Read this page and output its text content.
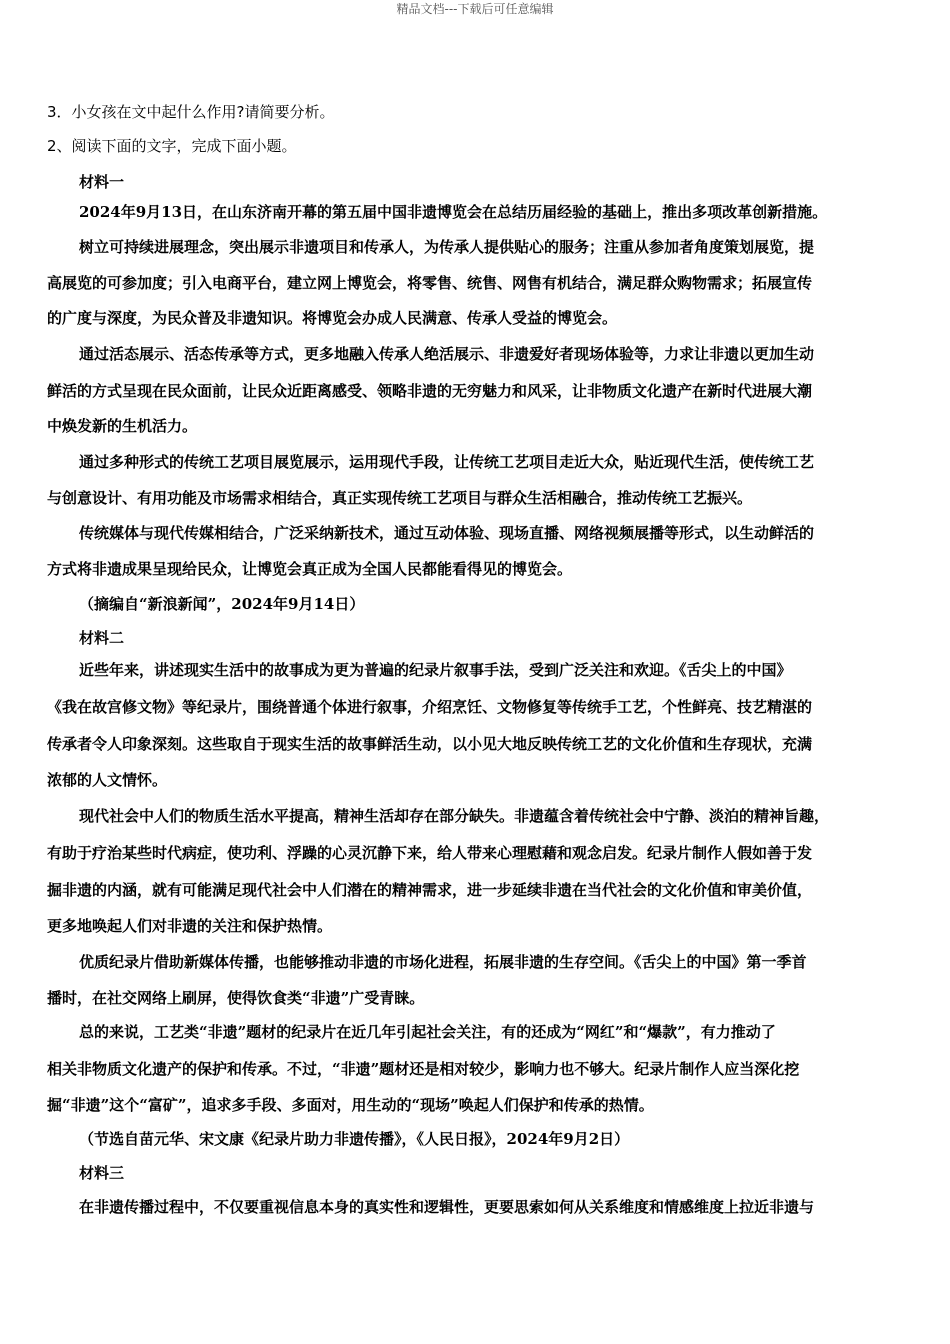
精品文档---下载后可任意编辑
3．小女孩在文中起什么作用?请简要分析。
2、阅读下面的文字，完成下面小题。
材料一
2024年9月13日，在山东济南开幕的第五届中国非遗博览会在总结历届经验的基础上，推出多项改革创新措施。
树立可持续进展理念，突出展示非遗项目和传承人，为传承人提供贴心的服务；注重从参加者角度策划展览，提
高展览的可参加度；引入电商平台，建立网上博览会，将零售、统售、网售有机结合，满足群众购物需求；拓展宣传
的广度与深度，为民众普及非遗知识。将博览会办成人民满意、传承人受益的博览会。
通过活态展示、活态传承等方式，更多地融入传承人绝活展示、非遗爱好者现场体验等，力求让非遗以更加生动
鲜活的方式呈现在民众面前，让民众近距离感受、领略非遗的无穷魅力和风采，让非物质文化遗产在新时代进展大潮
中焕发新的生机活力。
通过多种形式的传统工艺项目展览展示，运用现代手段，让传统工艺项目走近大众，贴近现代生活，使传统工艺
与创意设计、有用功能及市场需求相结合，真正实现传统工艺项目与群众生活相融合，推动传统工艺振兴。
传统媒体与现代传媒相结合，广泛采纳新技术，通过互动体验、现场直播、网络视频展播等形式，以生动鲜活的
方式将非遗成果呈现给民众，让博览会真正成为全国人民都能看得见的博览会。
（摘编自“新浪新闻”，2024年9月14日）
材料二
近些年来，讲述现实生活中的故事成为更为普遍的纪录片叙事手法，受到广泛关注和欢迎。《舌尖上的中国》
《我在故宫修文物》等纪录片，围绕普通个体进行叙事，介绍烹饪、文物修复等传统手工艺，个性鲜亮、技艺精湛的
传承者令人印象深刻。这些取自于现实生活的故事鲜活生动，以小见大地反映传统工艺的文化价值和生存现状，充满
浓郁的人文情怀。
现代社会中人们的物质生活水平提高，精神生活却存在部分缺失。非遗蕴含着传统社会中宁静、淡泊的精神旨趣，
有助于疗治某些时代病症，使功利、浮躁的心灵沉静下来，给人带来心理慰藉和观念启发。纪录片制作人假如善于发
掘非遗的内涵，就有可能满足现代社会中人们潜在的精神需求，进一步延续非遗在当代社会的文化价值和审美价值，
更多地唤起人们对非遗的关注和保护热情。
优质纪录片借助新媒体传播，也能够推动非遗的市场化进程，拓展非遗的生存空间。《舌尖上的中国》第一季首
播时，在社交网络上刷屏，使得饮食类“非遗”广受青睐。
总的来说，工艺类“非遗”题材的纪录片在近几年引起社会关注，有的还成为“网红”和“爆款”，有力推动了
相关非物质文化遗产的保护和传承。不过，“非遗”题材还是相对较少，影响力也不够大。纪录片制作人应当深化挖
掘“非遗”这个“富矿”，追求多手段、多面对，用生动的“现场”唤起人们保护和传承的热情。
（节选自苗元华、宋文康《纪录片助力非遗传播》，《人民日报》，2024年9月2日）
材料三
在非遗传播过程中，不仅要重视信息本身的真实性和逻辑性，更要思索如何从关系维度和情感维度上拉近非遗与
